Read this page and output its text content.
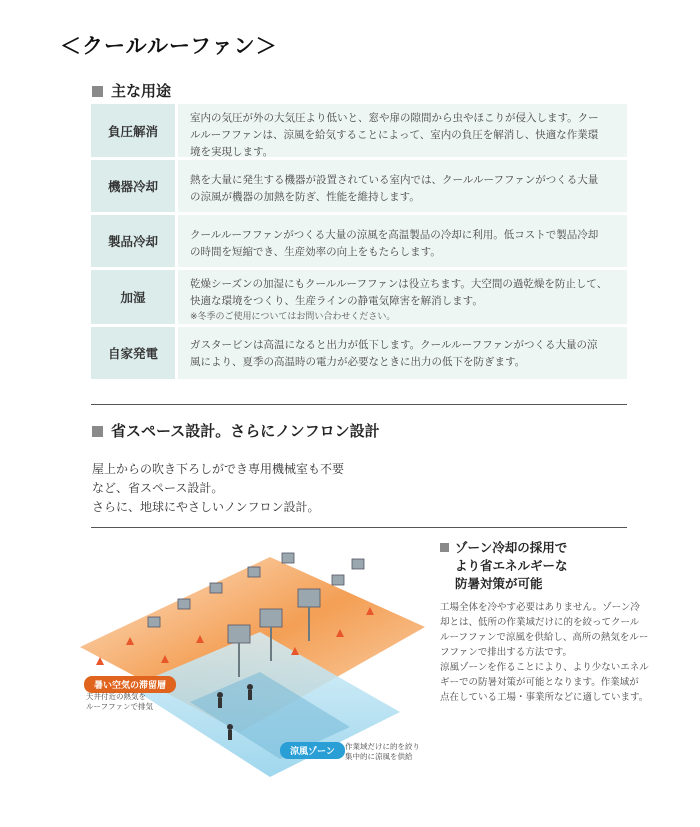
＜クールルーファン＞
主な用途
負圧解消
室内の気圧が外の大気圧より低いと、窓や扉の隙間から虫やほこりが侵入します。クー
ルルーフファンは、涼風を給気することによって、室内の負圧を解消し、快適な作業環
境を実現します。
機器冷却	熱を大量に発生する機器が設置されている室内では、クールルーフファンがつくる大量
の涼風が機器の加熱を防ぎ、性能を維持します。
製品冷却	クールルーフファンがつくる大量の涼風を高温製品の冷却に利用。低コストで製品冷却
の時間を短縮でき、生産効率の向上をもたらします。
加湿
乾燥シーズンの加湿にもクールルーフファンは役立ちます。大空間の過乾燥を防止して、
快適な環境をつくり、生産ラインの静電気障害を解消します。
※冬季のご使用についてはお問い合わせください。
自家発電
ガスタービンは高温になると出力が低下します。クールルーフファンがつくる大量の涼
風により、夏季の高温時の電力が必要なときに出力の低下を防ぎます。
省スペース設計。さらにノンフロン設計
屋上からの吹き下ろしができ専用機械室も不要
など、省スペース設計。
さらに、地球にやさしいノンフロン設計。
暑い空気の滞留層
天井付近の熱気を
ルーフファンで排気
涼風ゾーン
作業域だけに的を絞り
集中的に涼風を供給
ゾーン冷却の採用で
より省エネルギーな
防暑対策が可能
工場全体を冷やす必要はありません。ゾーン冷
却とは、低所の作業域だけに的を絞ってクール
ルーフファンで涼風を供給し、高所の熱気をルー
フファンで排出する方法です。
涼風ゾーンを作ることにより、より少ないエネル
ギーでの防暑対策が可能となります。作業域が
点在している工場・事業所などに適しています。
